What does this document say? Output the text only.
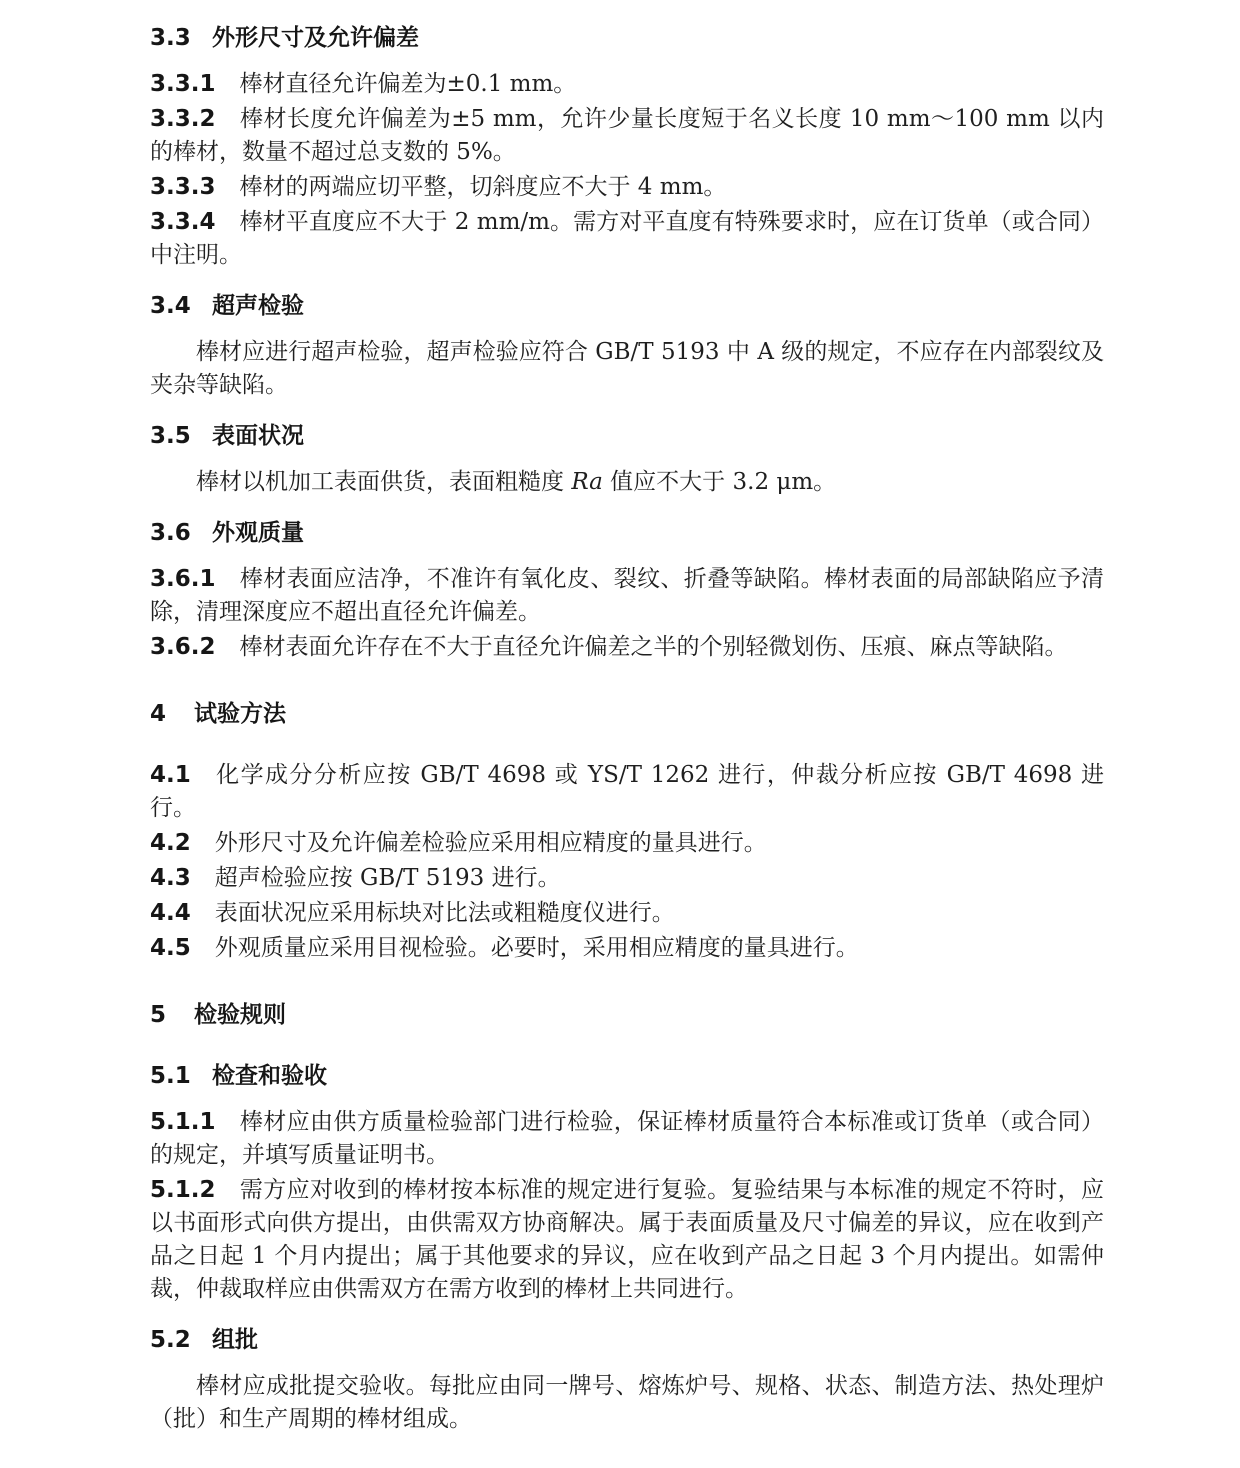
3.3 外形尺寸及允许偏差

3.3.1 棒材直径允许偏差为±0.1 mm。

3.3.2 棒材长度允许偏差为±5 mm，允许少量长度短于名义长度 10 mm～100 mm 以内的棒材，数量不超过总支数的 5%。

3.3.3 棒材的两端应切平整，切斜度应不大于 4 mm。

3.3.4 棒材平直度应不大于 2 mm/m。需方对平直度有特殊要求时，应在订货单（或合同）中注明。

3.4 超声检验

棒材应进行超声检验，超声检验应符合 GB/T 5193 中 A 级的规定，不应存在内部裂纹及夹杂等缺陷。

3.5 表面状况

棒材以机加工表面供货，表面粗糙度 Ra 值应不大于 3.2 μm。

3.6 外观质量

3.6.1 棒材表面应洁净，不准许有氧化皮、裂纹、折叠等缺陷。棒材表面的局部缺陷应予清除，清理深度应不超出直径允许偏差。

3.6.2 棒材表面允许存在不大于直径允许偏差之半的个别轻微划伤、压痕、麻点等缺陷。

4 试验方法

4.1 化学成分分析应按 GB/T 4698 或 YS/T 1262 进行，仲裁分析应按 GB/T 4698 进行。

4.2 外形尺寸及允许偏差检验应采用相应精度的量具进行。

4.3 超声检验应按 GB/T 5193 进行。

4.4 表面状况应采用标块对比法或粗糙度仪进行。

4.5 外观质量应采用目视检验。必要时，采用相应精度的量具进行。

5 检验规则
5.1 检查和验收

5.1.1 棒材应由供方质量检验部门进行检验，保证棒材质量符合本标准或订货单（或合同）的规定，并填写质量证明书。

5.1.2 需方应对收到的棒材按本标准的规定进行复验。复验结果与本标准的规定不符时，应以书面形式向供方提出，由供需双方协商解决。属于表面质量及尺寸偏差的异议，应在收到产品之日起 1 个月内提出；属于其他要求的异议，应在收到产品之日起 3 个月内提出。如需仲裁，仲裁取样应由供需双方在需方收到的棒材上共同进行。

5.2 组批

棒材应成批提交验收。每批应由同一牌号、熔炼炉号、规格、状态、制造方法、热处理炉（批）和生产周期的棒材组成。
